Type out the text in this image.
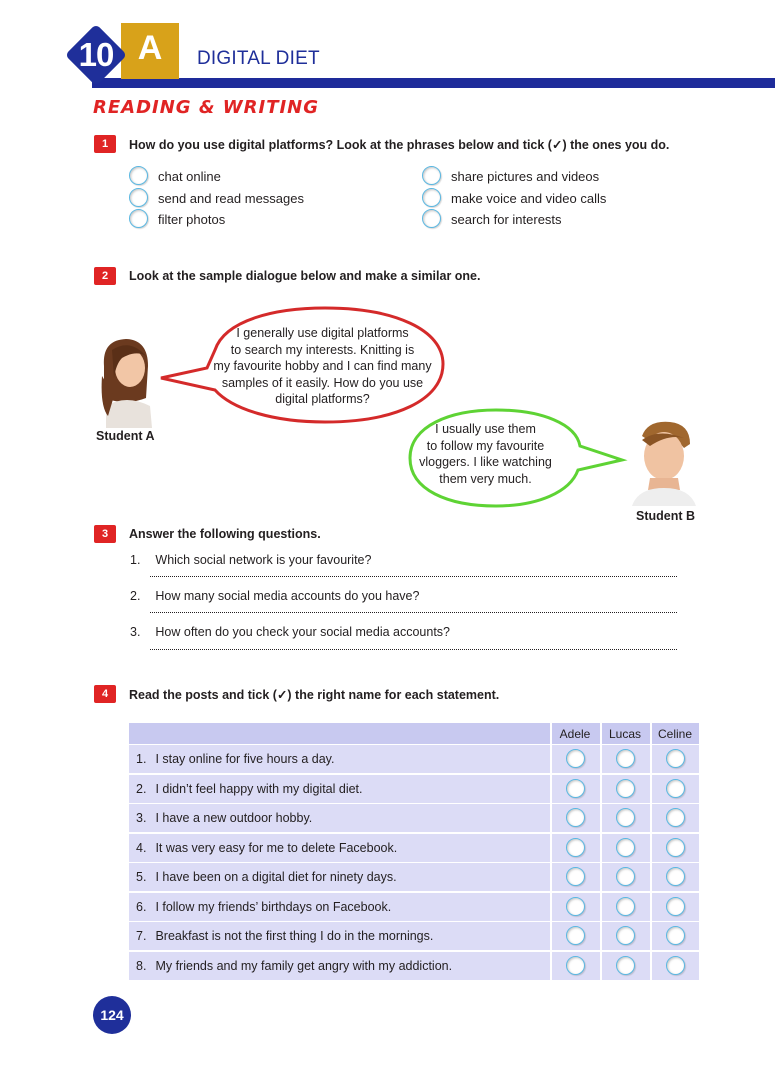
A
10	DIGITAL DIET
READING & WRITING
1	How do you use digital platforms? Look at the phrases below and tick (✓) the ones you do.
chat online
send and read messages
filter photos
share pictures and videos
make voice and video calls
search for interests
2	Look at the sample dialogue below and make a similar one.
Student A
I generally use digital platforms
to search my interests. Knitting is
my favourite hobby and I can find many
samples of it easily. How do you use
digital platforms?
I usually use them
to follow my favourite
vloggers. I like watching
them very much.
Student B
3	Answer the following questions.
1. Which social network is your favourite?
2. How many social media accounts do you have?
3. How often do you check your social media accounts?
4	Read the posts and tick (✓) the right name for each statement.
Adele	Lucas	Celine
1. I stay online for five hours a day.
2. I didn’t feel happy with my digital diet.
3. I have a new outdoor hobby.
4. It was very easy for me to delete Facebook.
5. I have been on a digital diet for ninety days.
6. I follow my friends’ birthdays on Facebook.
7. Breakfast is not the first thing I do in the mornings.
8. My friends and my family get angry with my addiction.
124
